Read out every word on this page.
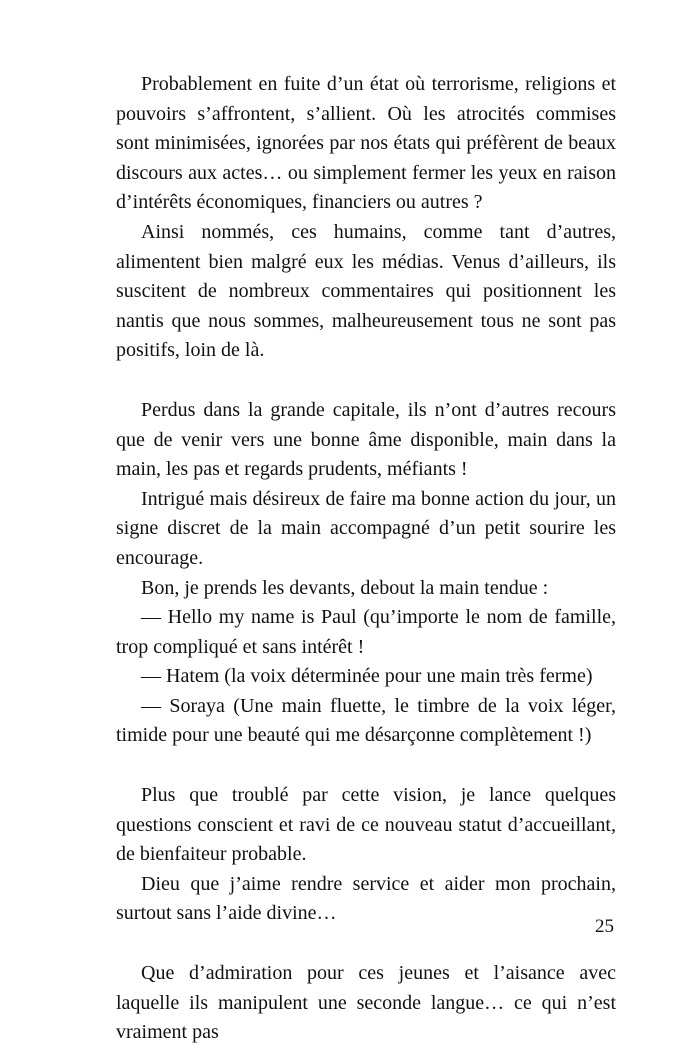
Probablement en fuite d’un état où terrorisme, religions et pouvoirs s’affrontent, s’allient. Où les atrocités commises sont minimisées, ignorées par nos états qui préfèrent de beaux discours aux actes… ou simplement fermer les yeux en raison d’intérêts économiques, financiers ou autres ?

Ainsi nommés, ces humains, comme tant d’autres, alimentent bien malgré eux les médias. Venus d’ailleurs, ils suscitent de nombreux commentaires qui positionnent les nantis que nous sommes, malheureusement tous ne sont pas positifs, loin de là.

Perdus dans la grande capitale, ils n’ont d’autres recours que de venir vers une bonne âme disponible, main dans la main, les pas et regards prudents, méfiants !

Intrigué mais désireux de faire ma bonne action du jour, un signe discret de la main accompagné d’un petit sourire les encourage.

Bon, je prends les devants, debout la main tendue :

— Hello my name is Paul (qu’importe le nom de famille, trop compliqué et sans intérêt !

— Hatem (la voix déterminée pour une main très ferme)

— Soraya (Une main fluette, le timbre de la voix léger, timide pour une beauté qui me désarçonne complètement !)

Plus que troublé par cette vision, je lance quelques questions conscient et ravi de ce nouveau statut d’accueillant, de bienfaiteur probable.

Dieu que j’aime rendre service et aider mon prochain, surtout sans l’aide divine…

Que d’admiration pour ces jeunes et l’aisance avec laquelle ils manipulent une seconde langue… ce qui n’est vraiment pas

25
